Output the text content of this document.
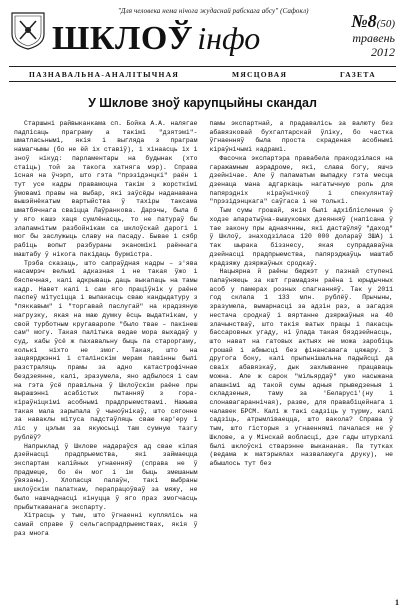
"Для человека нема нічога жудаснай рабскага абсу" (Сафокл)
ШКЛОЎ інфо	№8(50)
травень
2012
ПАЗНАВАЛЬНА-АНАЛІТЫЧНАЯ	МЯСЦОВАЯ	ГАЗЕТА
У Шклове зноў карупцыйны скандал

Старшыні райвыканкама сп. Бойка А.А. налягае падпісаць праграму а такімі "дзятэмі"-шматласьнымі, якія і выгляда з праграм намагчымы (бо не ёй іх ставіў), і хінаасць іх і зноў нікуд: парламентары на будынак (хто стаіць) той за такога хатняга мэр). Справа існая на ўчэрп, што гэта "прэзідэнцкі" раён і тут усе кадры правамоцна такім з жорсткімі ўмовамі правы на выбар, які заўсёды наданавана вышэйнёкатым вартыйства ў тахіры таксама шматбячнага сваіцца Лаўранкова. Дарэчы, была б у яго кашэ хаця сумлёнасць, то не патураў бы злапамнітым разбойнікам са шклоўскай дарогі і мог бы заслужыць славу на пасаду. Бывае і сябр рабіць вопыт разбураны эканомікі раённага маштабу ў нікога пакідаць бурмістра.

Трэба сказаць, што сапраўдная кадры – з'ява насамрэч вельмі адказная і не такая ўжо і бяспечная, калі адкрываць даць выкапаць на тамы кадр. Навет калі і сам яго праціўнік у раёне паспеў мітусіцца і выпакасць сваю кандыдатуру з "пяккавым" і "торгавай паслугай" на крадзяную нагрузку, якая на маю думку ёсць выдатнікам, у свой турботным кругаваропе "было твае – пакінеш сам" могу. Такая палітыка ведае мора выхадаў у суд, кабы ўсё ж пахавальну быць па староргаму, колькі ніхто не змог. Такая, што на зацвярджэнні і сталінскім мерам павінны былі разстраляць прамы за адно катастрофічнае бездзеянне, калі, зразумела, яно адбылося і сам на гэта ўсё правільна ў Шклоўскім раёне пры вырашэнні асабістых пытанняў з гора-кіраўніцкімі асобнымі прадпрыемствамі. Нажыва такая мала зарыпала ў чыноўнікаў, што сягонне за наваклы мітуса падстаўляць сваю кар'еру і ліс у цэлым за якуюсьці там сумную тазгу рублёў?

Напрыклад ў Шклове надараўся ад свае кіпая дзейнасці прадпрыемства, які займаецца экспартам калійных угнаенняў (справа не ў прадмеце, бо ён мог і ім быць змешаным ўвязаны). Хлопасця палаўн, такі выбраны шклоўскім палаткам, перапрацоўваў за мяжу, не было нашчаднасці кінуцца ў яго праз змогчасць прыбыткаванага экспарту.

Хітрасць у тым, што ўгнаенні куплялісь на самай справе ў сельгаспрадпрыемствах, якія ў раз многа

памы экспартнай, а прадавалісь за валюту без абавязковай бухгалтарскай ўліку, бо частка ўгнаенняў была проста скраденая асобнымі кіраўнічымі кадрамі.

Фасочка экспартэра правабела пракодзілася на гаражамным аэрадроме, які, слава богу, яшчэ дзейнічае. Але ў папаматым выпадку гэта месца дзенаца мана адгаркаць нагатычную роль для папярэдніх кіраўнічкоў і спекулянтаў "прэзідэнцкага" саўгаса і не толькі.

Тым сумы грошай, якія былі адхіблісленыя ў ходзе апаратыўна-вышуковых дзеянняў (напісана ў тае закону пры аднаячнны, які дастаўляў "даход" ў Шклоў, знаходзіласа 120 000 долараў ЗША) і так шырака біззнесу, якая супрадаваўна дзейнасці прадпрыемства, папярэджаўць маштаб крадзяжу дзяржаўных сродкаў.

Нацыярна й раёны бюджэт у пазнай ступені папаўняюць за кшт грамадзян раёна і юрыдычных асоб у памерах розных спагнанняў. Так у 2011 год склала 1 133 млн. рублёў. Прычыны, зразумела, вымарнасці за адзін раз, а загадзя нестача сродкаў і вяртанне дзяржаўныя на 40 злачынстваў, што такія ватых працы і пакасць бассаровных угаду, ні ўлада такая бяздзейнасць, што нават на гатовых актыях не можа заробіць грошай і абмысці без фінансавага цяжару. З другога боку, калі прыпынішальна падыйсці да сваіх абавязкаў, дык захлыванне працаваць можна. Але ж сарок "мільярдаў" ужо насыжана апашнімі ад такой сумы адныя прыведзеныя і складзеныя, таму за 'Беларусі'(ну і слонавагараннічая), разве, для правабіцейнага і чалавек БРСМ. Калі ж такі садзіць у турму, калі садзіць, атрымліваецца, што вакола? Справа ў тым, што гісторыя з угнаеннямі пачалася не ў Шклове, а у Мінскай вобласці, дзе гады штурхалі былі шклоўскі стварэнне выкананая. Па тутках (ведама ж матэрыялах назвалажуга друку), не абышлось тут без

1
